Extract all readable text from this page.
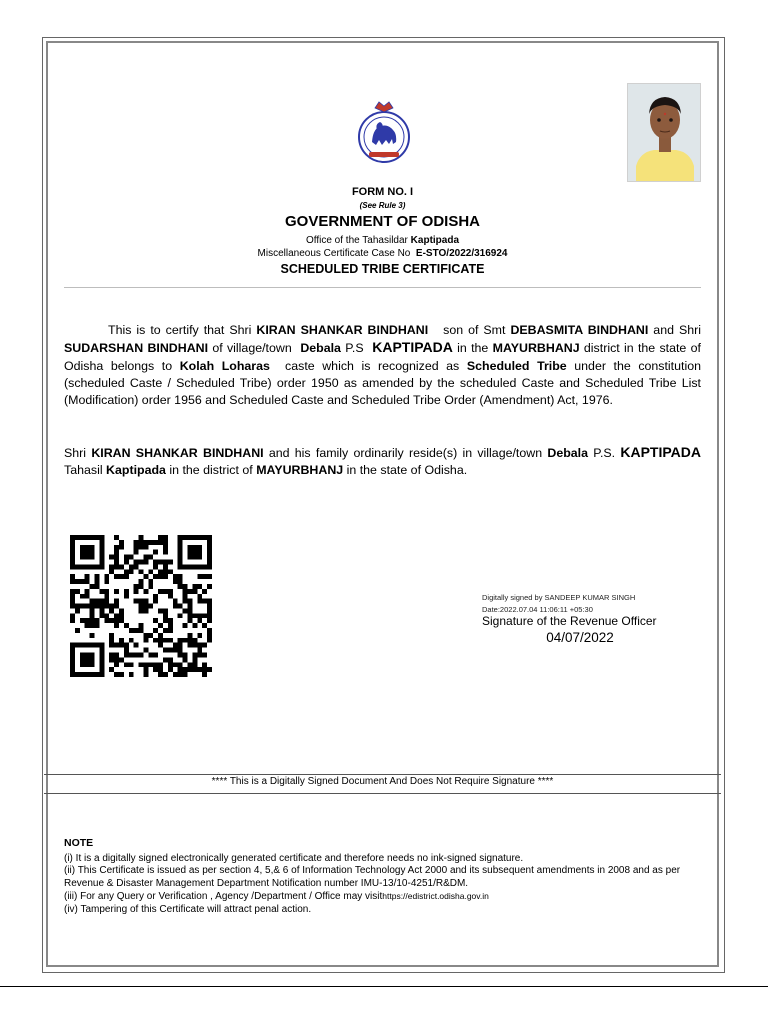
FORM NO. I
(See Rule 3)
GOVERNMENT OF ODISHA
Office of the Tahasildar Kaptipada
Miscellaneous Certificate Case No E-STO/2022/316924
SCHEDULED TRIBE CERTIFICATE
This is to certify that Shri KIRAN SHANKAR BINDHANI son of Smt DEBASMITA BINDHANI and Shri SUDARSHAN BINDHANI of village/town Debala P.S KAPTIPADA in the MAYURBHANJ district in the state of Odisha belongs to Kolah Loharas caste which is recognized as Scheduled Tribe under the constitution (scheduled Caste / Scheduled Tribe) order 1950 as amended by the scheduled Caste and Scheduled Tribe List (Modification) order 1956 and Scheduled Caste and Scheduled Tribe Order (Amendment) Act, 1976.
Shri KIRAN SHANKAR BINDHANI and his family ordinarily reside(s) in village/town Debala P.S. KAPTIPADA Tahasil Kaptipada in the district of MAYURBHANJ in the state of Odisha.
Digitally signed by SANDEEP KUMAR SINGH
Date:2022.07.04 11:06:11 +05:30
Signature of the Revenue Officer
04/07/2022
**** This is a Digitally Signed Document And Does Not Require Signature ****
NOTE
(i) It is a digitally signed electronically generated certificate and therefore needs no ink-signed signature.
(ii) This Certificate is issued as per section 4, 5,& 6 of Information Technology Act 2000 and its subsequent amendments in 2008 and as per Revenue & Disaster Management Department Notification number IMU-13/10-4251/R&DM.
(iii) For any Query or Verification , Agency /Department / Office may visithttps://edistrict.odisha.gov.in
(iv) Tampering of this Certificate will attract penal action.
